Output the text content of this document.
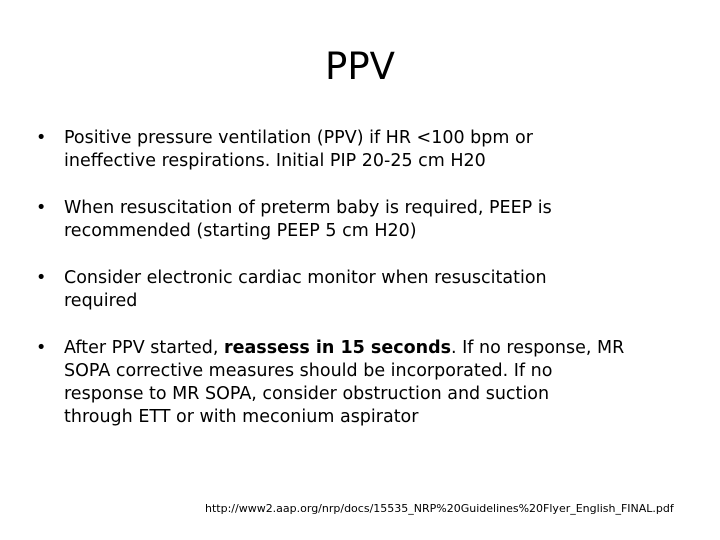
PPV
•	Positive pressure ventilation (PPV) if HR <100 bpm or
ineffective respirations. Initial PIP 20-25 cm H20
•	When resuscitation of preterm baby is required, PEEP is
recommended (starting PEEP 5 cm H20)
•	Consider electronic cardiac monitor when resuscitation
required
•	After PPV started, reassess in 15 seconds. If no response, MR
SOPA corrective measures should be incorporated. If no
response to MR SOPA, consider obstruction and suction
through ETT or with meconium aspirator
http://www2.aap.org/nrp/docs/15535_NRP%20Guidelines%20Flyer_English_FINAL.pdf
